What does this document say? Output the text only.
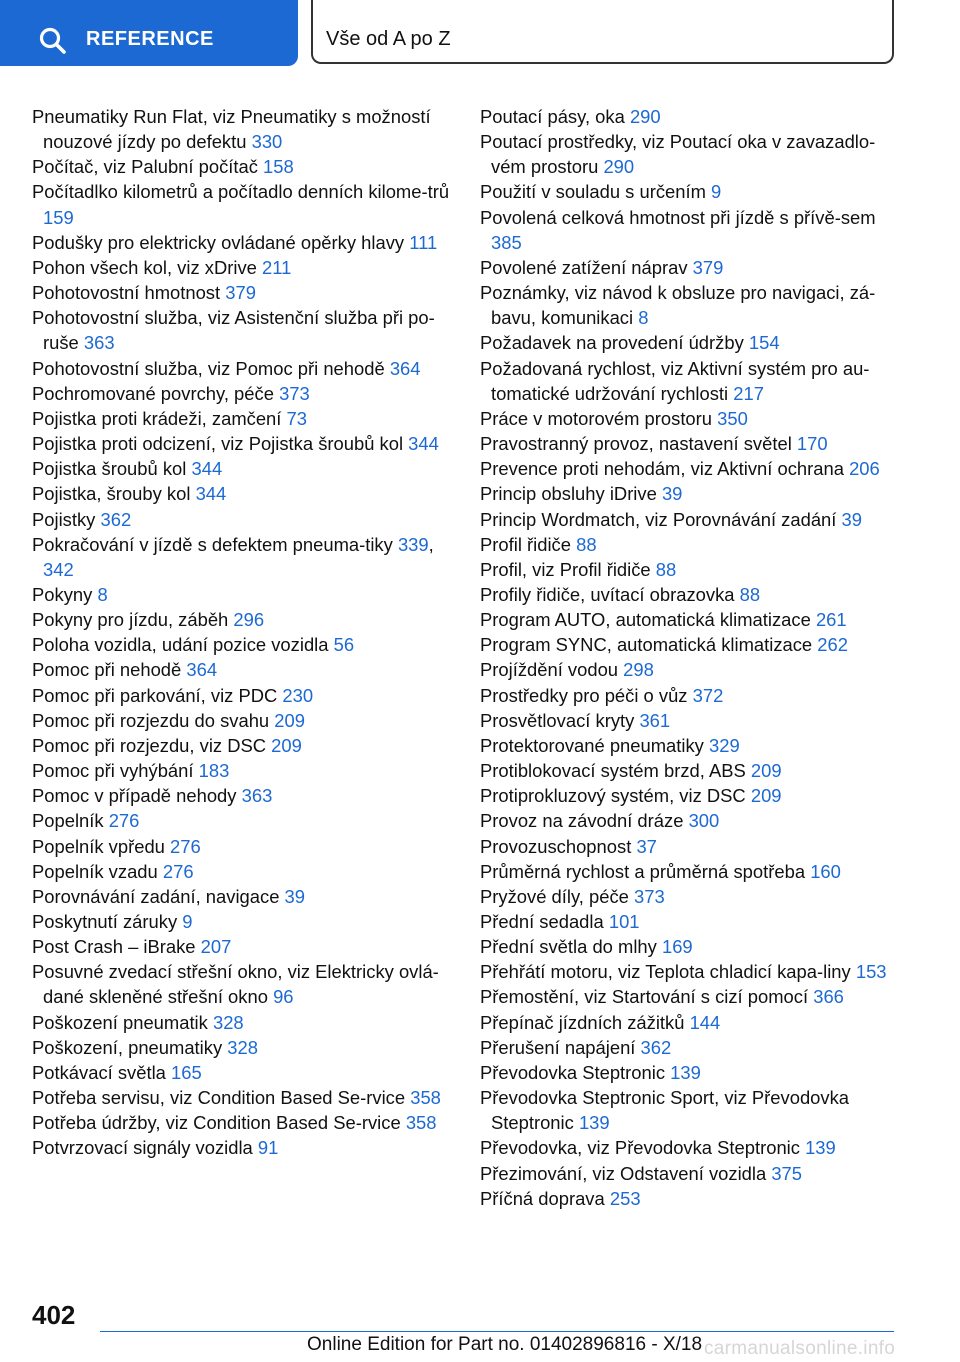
REFERENCE	Vše od A po Z
Pneumatiky Run Flat, viz Pneumatiky s možností nouzové jízdy po defektu 330
Počítač, viz Palubní počítač 158
Počítadlko kilometrů a počítadlo denních kilome‐trů 159
Podušky pro elektricky ovládané opěrky hlavy 111
Pohon všech kol, viz xDrive 211
Pohotovostní hmotnost 379
Pohotovostní služba, viz Asistenční služba při po‐ruše 363
Pohotovostní služba, viz Pomoc při nehodě 364
Pochromované povrchy, péče 373
Pojistka proti krádeži, zamčení 73
Pojistka proti odcizení, viz Pojistka šroubů kol 344
Pojistka šroubů kol 344
Pojistka, šrouby kol 344
Pojistky 362
Pokračování v jízdě s defektem pneuma‐tiky 339, 342
Pokyny 8
Pokyny pro jízdu, záběh 296
Poloha vozidla, udání pozice vozidla 56
Pomoc při nehodě 364
Pomoc při parkování, viz PDC 230
Pomoc při rozjezdu do svahu 209
Pomoc při rozjezdu, viz DSC 209
Pomoc při vyhýbání 183
Pomoc v případě nehody 363
Popelník 276
Popelník vpředu 276
Popelník vzadu 276
Porovnávání zadání, navigace 39
Poskytnutí záruky 9
Post Crash – iBrake 207
Posuvné zvedací střešní okno, viz Elektricky ovlá‐dané skleněné střešní okno 96
Poškození pneumatik 328
Poškození, pneumatiky 328
Potkávací světla 165
Potřeba servisu, viz Condition Based Se‐rvice 358
Potřeba údržby, viz Condition Based Se‐rvice 358
Potvrzovací signály vozidla 91
Poutací pásy, oka 290
Poutací prostředky, viz Poutací oka v zavazadlo‐vém prostoru 290
Použití v souladu s určením 9
Povolená celková hmotnost při jízdě s přívě‐sem 385
Povolené zatížení náprav 379
Poznámky, viz návod k obsluze pro navigaci, zá‐bavu, komunikaci 8
Požadavek na provedení údržby 154
Požadovaná rychlost, viz Aktivní systém pro au‐tomatické udržování rychlosti 217
Práce v motorovém prostoru 350
Pravostranný provoz, nastavení světel 170
Prevence proti nehodám, viz Aktivní ochrana 206
Princip obsluhy iDrive 39
Princip Wordmatch, viz Porovnávání zadání 39
Profil řidiče 88
Profil, viz Profil řidiče 88
Profily řidiče, uvítací obrazovka 88
Program AUTO, automatická klimatizace 261
Program SYNC, automatická klimatizace 262
Projíždění vodou 298
Prostředky pro péči o vůz 372
Prosvětlovací kryty 361
Protektorované pneumatiky 329
Protiblokovací systém brzd, ABS 209
Protiprokluzový systém, viz DSC 209
Provoz na závodní dráze 300
Provozuschopnost 37
Průměrná rychlost a průměrná spotřeba 160
Pryžové díly, péče 373
Přední sedadla 101
Přední světla do mlhy 169
Přehřátí motoru, viz Teplota chladicí kapa‐liny 153
Přemostění, viz Startování s cizí pomocí 366
Přepínač jízdních zážitků 144
Přerušení napájení 362
Převodovka Steptronic 139
Převodovka Steptronic Sport, viz Převodovka Steptronic 139
Převodovka, viz Převodovka Steptronic 139
Přezimování, viz Odstavení vozidla 375
Příčná doprava 253
402
Online Edition for Part no. 01402896816 - X/18 carmanualsonline.info
